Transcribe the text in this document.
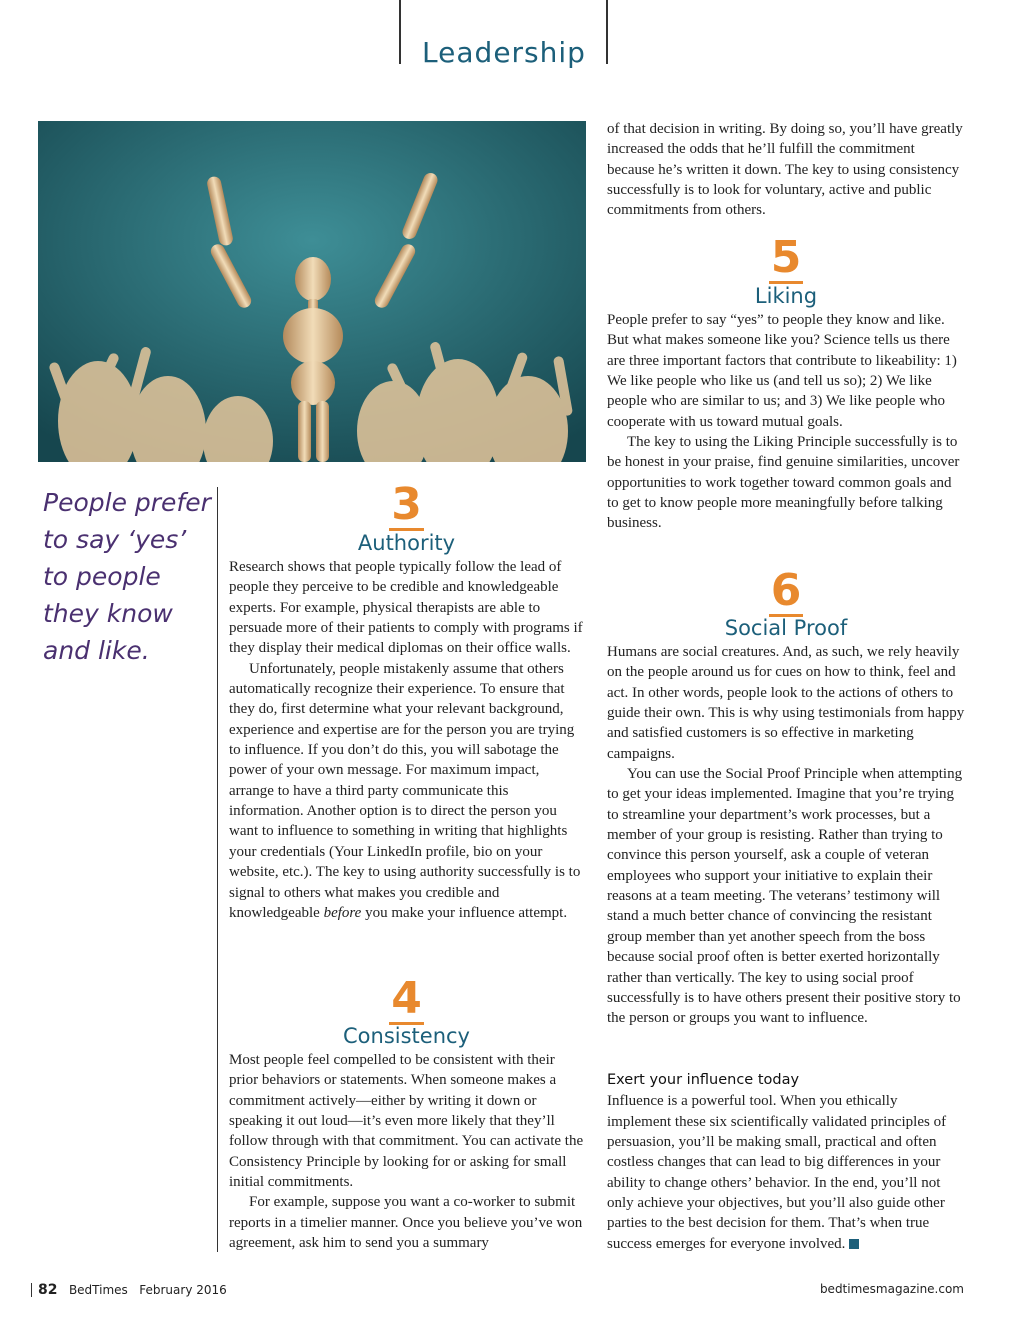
Leadership
People prefer to say ‘yes’ to people they know and like.
3
Authority

Research shows that people typically follow the lead of people they perceive to be credible and knowledgeable experts. For example, physical therapists are able to persuade more of their patients to comply with programs if they display their medical diplomas on their office walls.

Unfortunately, people mistakenly assume that others automatically recognize their experience. To ensure that they do, first determine what your relevant background, experience and expertise are for the person you are trying to influence. If you don’t do this, you will sabotage the power of your own message. For maximum impact, arrange to have a third party communicate this information. Another option is to direct the person you want to influence to something in writing that highlights your credentials (Your LinkedIn profile, bio on your website, etc.). The key to using authority successfully is to signal to others what makes you credible and knowledgeable before you make your influence attempt.

4
Consistency

Most people feel compelled to be consistent with their prior behaviors or statements. When someone makes a commitment actively—either by writing it down or speaking it out loud—it’s even more likely that they’ll follow through with that commitment. You can activate the Consistency Principle by looking for or asking for small initial commitments.

For example, suppose you want a co-worker to submit reports in a timelier manner. Once you believe you’ve won agreement, ask him to send you a summary

of that decision in writing. By doing so, you’ll have greatly increased the odds that he’ll fulfill the commitment because he’s written it down. The key to using consistency successfully is to look for voluntary, active and public commitments from others.

5
Liking

People prefer to say “yes” to people they know and like. But what makes someone like you? Science tells us there are three important factors that contribute to likeability: 1) We like people who like us (and tell us so); 2) We like people who are similar to us; and 3) We like people who cooperate with us toward mutual goals.

The key to using the Liking Principle successfully is to be honest in your praise, find genuine similarities, uncover opportunities to work together toward common goals and to get to know people more meaningfully before talking business.

6
Social Proof

Humans are social creatures. And, as such, we rely heavily on the people around us for cues on how to think, feel and act. In other words, people look to the actions of others to guide their own. This is why using testimonials from happy and satisfied customers is so effective in marketing campaigns.

You can use the Social Proof Principle when attempting to get your ideas implemented. Imagine that you’re trying to streamline your department’s work processes, but a member of your group is resisting. Rather than trying to convince this person yourself, ask a couple of veteran employees who support your initiative to explain their reasons at a team meeting. The veterans’ testimony will stand a much better chance of convincing the resistant group member than yet another speech from the boss because social proof often is better exerted horizontally rather than vertically. The key to using social proof successfully is to have others present their positive story to the person or groups you want to influence.

Exert your influence today

Influence is a powerful tool. When you ethically implement these six scientifically validated principles of persuasion, you’ll be making small, practical and often costless changes that can lead to big differences in your ability to change others’ behavior. In the end, you’ll not only achieve your objectives, but you’ll also guide other parties to the best decision for them. That’s when true success emerges for everyone involved.

82 BedTimes February 2016	bedtimesmagazine.com
